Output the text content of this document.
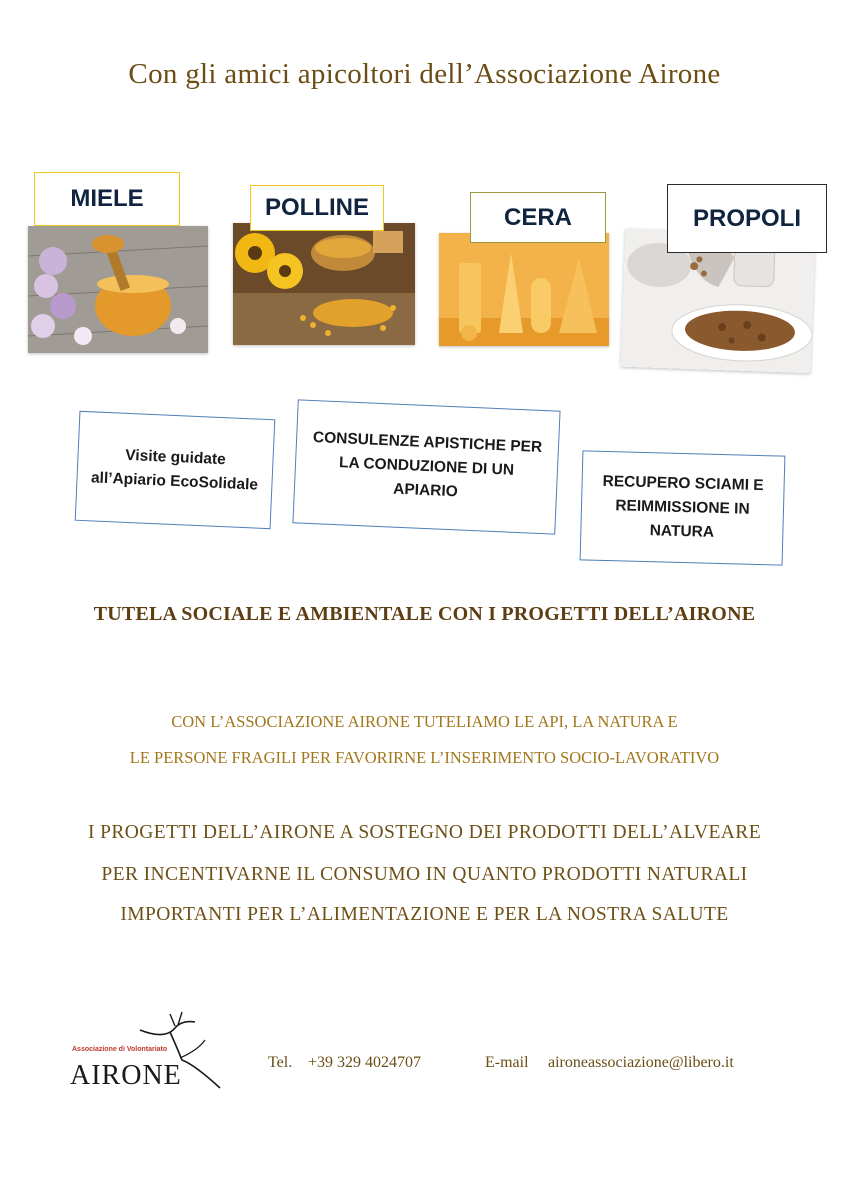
Con gli amici apicoltori dell’Associazione Airone
MIELE	POLLINE	CERA	PROPOLI
Visite guidate
all’Apiario EcoSolidale
CONSULENZE APISTICHE PER
LA CONDUZIONE DI UN
APIARIO	RECUPERO SCIAMI E
REIMMISSIONE IN
NATURA
TUTELA SOCIALE E AMBIENTALE CON I PROGETTI DELL’AIRONE
CON L’ASSOCIAZIONE AIRONE TUTELIAMO LE API, LA NATURA E
LE PERSONE FRAGILI PER FAVORIRNE L’INSERIMENTO SOCIO-LAVORATIVO
I PROGETTI DELL’AIRONE A SOSTEGNO DEI PRODOTTI DELL’ALVEARE
PER INCENTIVARNE IL CONSUMO IN QUANTO PRODOTTI NATURALI
IMPORTANTI PER L’ALIMENTAZIONE E PER LA NOSTRA SALUTE
Associazione di Volontariato
AIRONE	Tel. +39 329 4024707	E-mail aironeassociazione@libero.it
